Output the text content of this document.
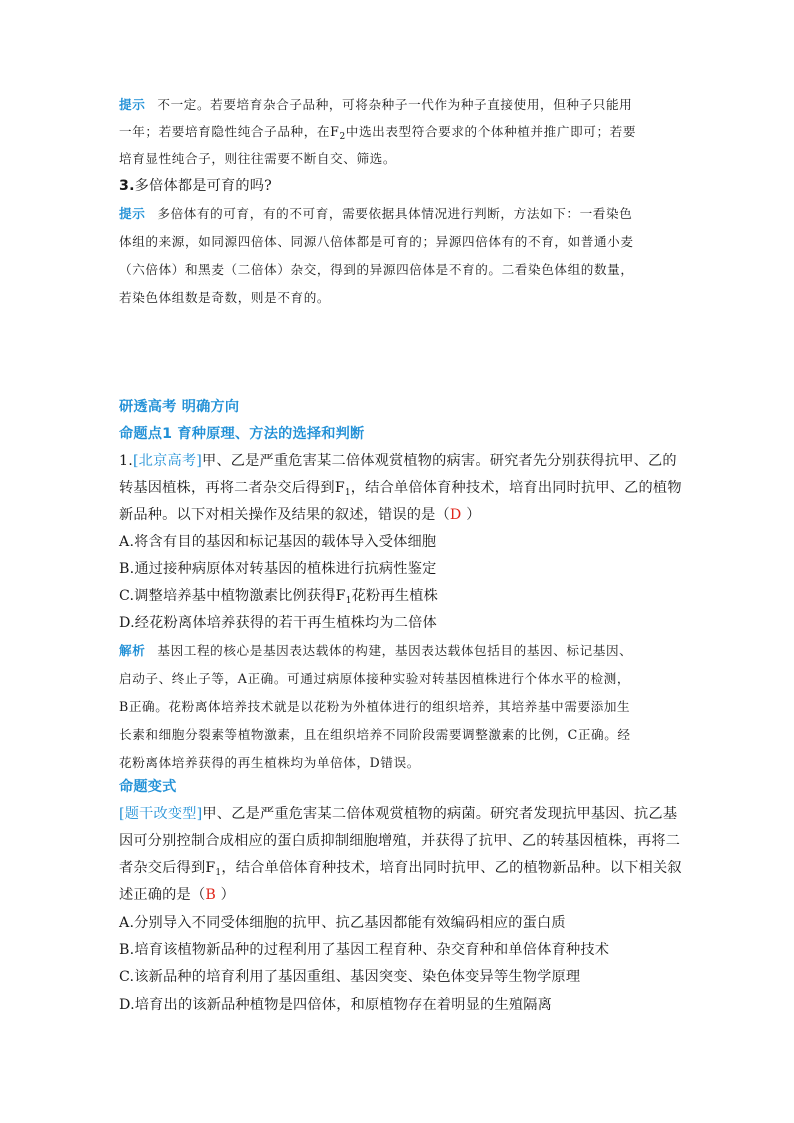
提示 不一定。若要培育杂合子品种，可将杂种子一代作为种子直接使用，但种子只能用
一年；若要培育隐性纯合子品种，在$F_2$中选出表型符合要求的个体种植并推广即可；若要
培育显性纯合子，则往往需要不断自交、筛选。
3.多倍体都是可育的吗?
提示 多倍体有的可育，有的不可育，需要依据具体情况进行判断，方法如下：一看染色
体组的来源，如同源四倍体、同源八倍体都是可育的；异源四倍体有的不育，如普通小麦
（六倍体）和黑麦（二倍体）杂交，得到的异源四倍体是不育的。二看染色体组的数量，
若染色体组数是奇数，则是不育的。
研透高考 明确方向
命题点1 育种原理、方法的选择和判断
1.[北京高考]甲、乙是严重危害某二倍体观赏植物的病害。研究者先分别获得抗甲、乙的
转基因植株，再将二者杂交后得到$F_1$，结合单倍体育种技术，培育出同时抗甲、乙的植物
新品种。以下对相关操作及结果的叙述，错误的是（D ）
A.将含有目的基因和标记基因的载体导入受体细胞
B.通过接种病原体对转基因的植株进行抗病性鉴定
C.调整培养基中植物激素比例获得$F_1$花粉再生植株
D.经花粉离体培养获得的若干再生植株均为二倍体
解析 基因工程的核心是基因表达载体的构建，基因表达载体包括目的基因、标记基因、
启动子、终止子等，A正确。可通过病原体接种实验对转基因植株进行个体水平的检测，
B正确。花粉离体培养技术就是以花粉为外植体进行的组织培养，其培养基中需要添加生
长素和细胞分裂素等植物激素，且在组织培养不同阶段需要调整激素的比例，C正确。经
花粉离体培养获得的再生植株均为单倍体，D错误。
命题变式
[题干改变型]甲、乙是严重危害某二倍体观赏植物的病菌。研究者发现抗甲基因、抗乙基
因可分别控制合成相应的蛋白质抑制细胞增殖，并获得了抗甲、乙的转基因植株，再将二
者杂交后得到$F_1$，结合单倍体育种技术，培育出同时抗甲、乙的植物新品种。以下相关叙
述正确的是（B ）
A.分别导入不同受体细胞的抗甲、抗乙基因都能有效编码相应的蛋白质
B.培育该植物新品种的过程利用了基因工程育种、杂交育种和单倍体育种技术
C.该新品种的培育利用了基因重组、基因突变、染色体变异等生物学原理
D.培育出的该新品种植物是四倍体，和原植物存在着明显的生殖隔离
